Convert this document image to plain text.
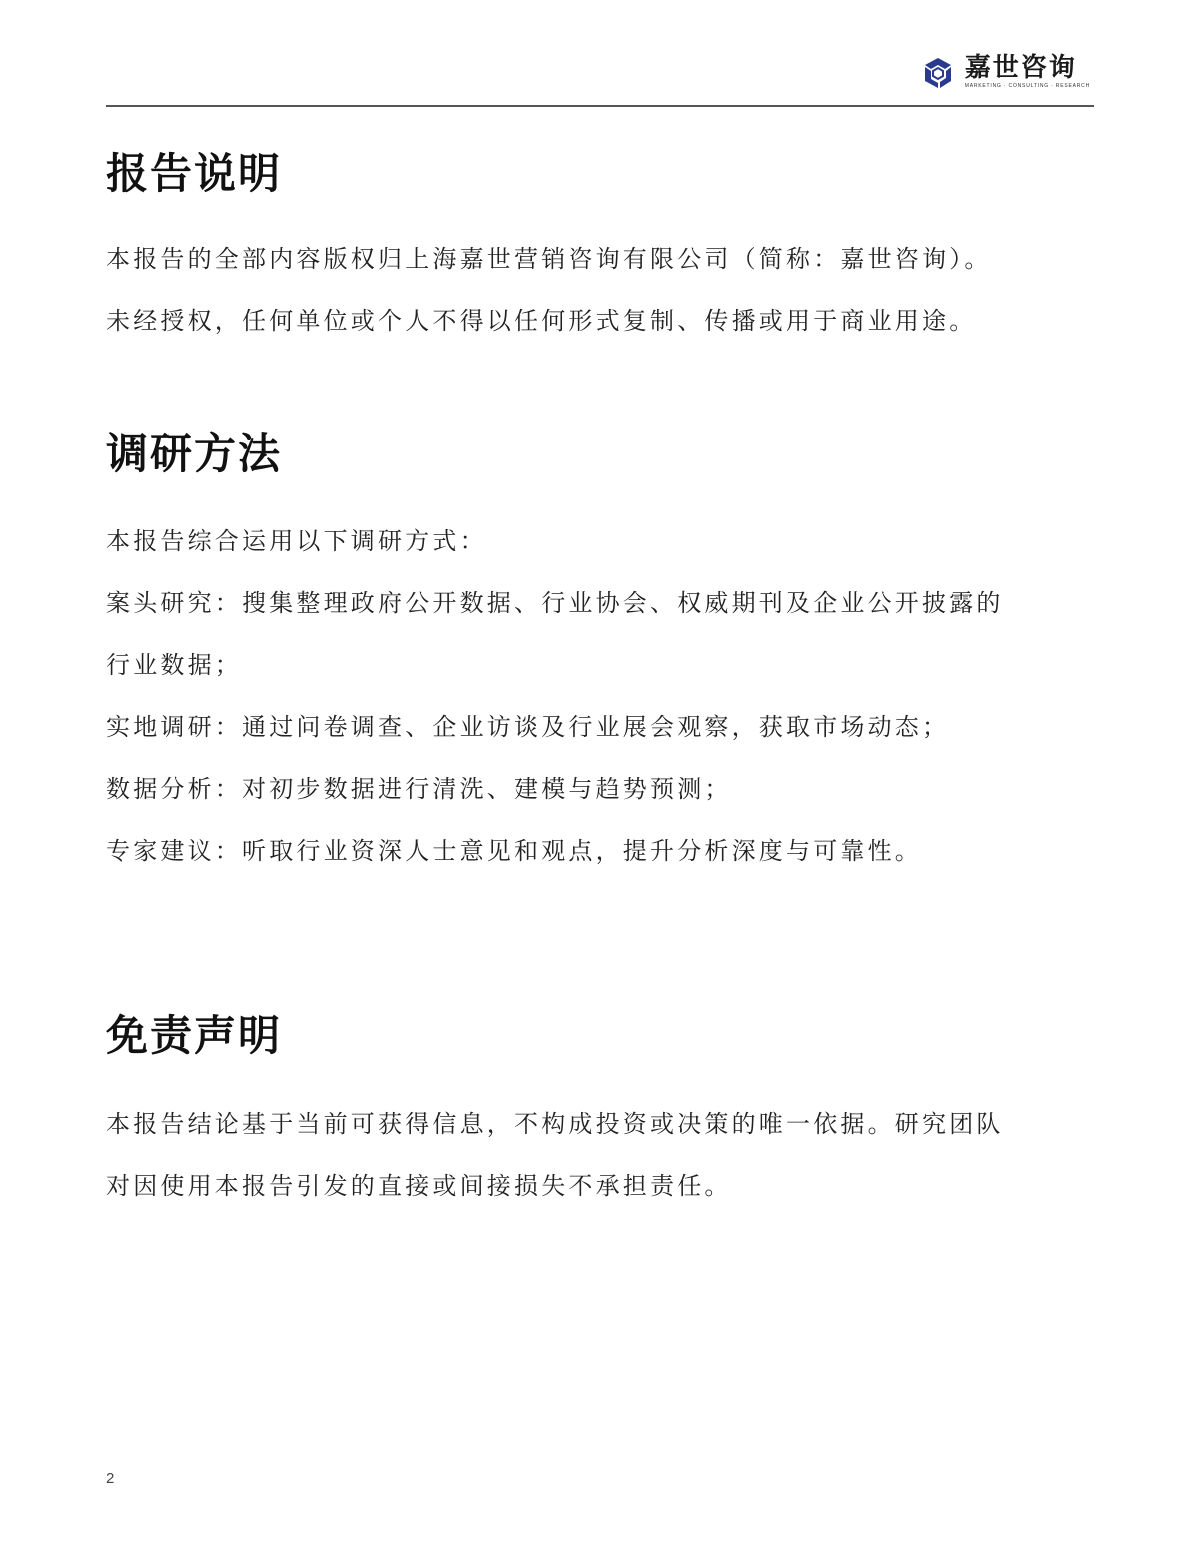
嘉世咨询
MARKETING · CONSULTING · RESEARCH
报告说明

本报告的全部内容版权归上海嘉世营销咨询有限公司（简称：嘉世咨询）。

未经授权，任何单位或个人不得以任何形式复制、传播或用于商业用途。

调研方法

本报告综合运用以下调研方式：

案头研究：搜集整理政府公开数据、行业协会、权威期刊及企业公开披露的

行业数据；

实地调研：通过问卷调查、企业访谈及行业展会观察，获取市场动态；

数据分析：对初步数据进行清洗、建模与趋势预测；

专家建议：听取行业资深人士意见和观点，提升分析深度与可靠性。

免责声明

本报告结论基于当前可获得信息，不构成投资或决策的唯一依据。研究团队

对因使用本报告引发的直接或间接损失不承担责任。

2
